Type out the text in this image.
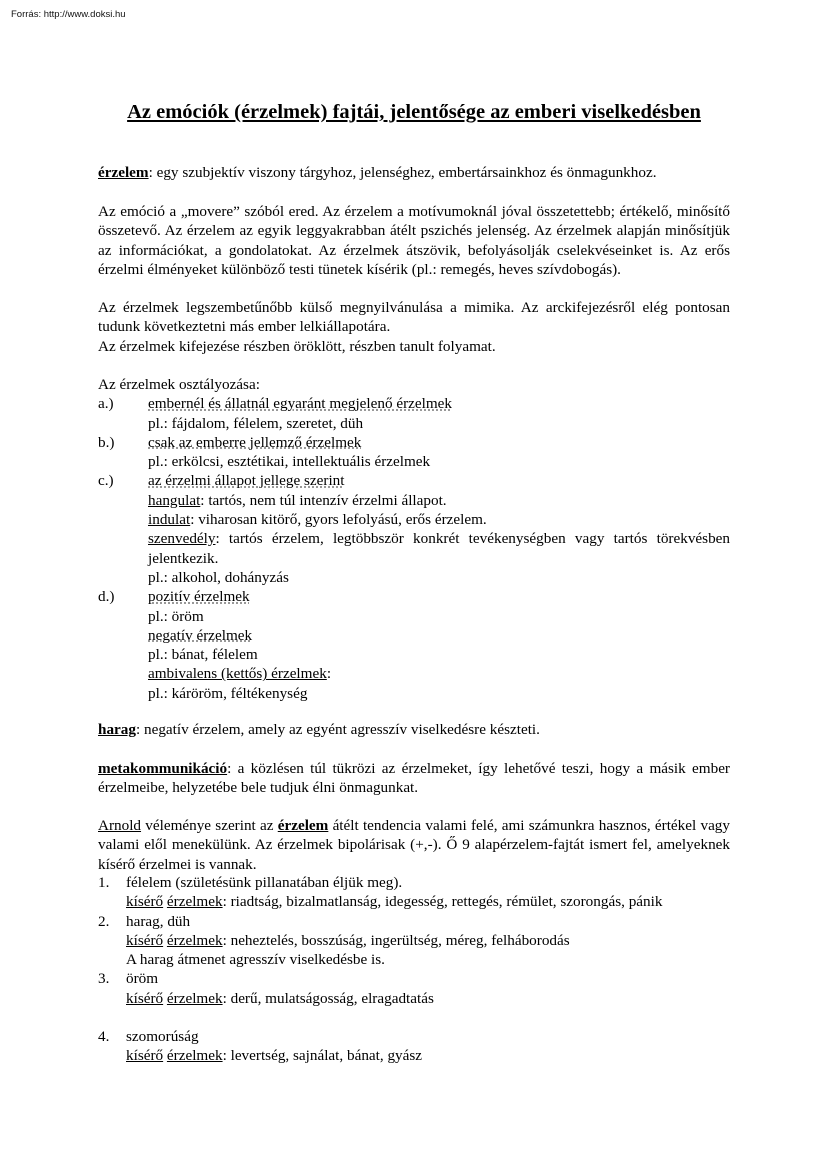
Forrás: http://www.doksi.hu
Az emóciók (érzelmek) fajtái, jelentősége az emberi viselkedésben
érzelem: egy szubjektív viszony tárgyhoz, jelenséghez, embertársainkhoz és önmagunkhoz.
Az emóció a „movere” szóból ered. Az érzelem a motívumoknál jóval összetettebb; értékelő, minősítő összetevő. Az érzelem az egyik leggyakrabban átélt pszichés jelenség. Az érzelmek alapján minősítjük az információkat, a gondolatokat. Az érzelmek átszövik, befolyásolják cselekvéseinket is. Az erős érzelmi élményeket különböző testi tünetek kísérik (pl.: remegés, heves szívdobogás).
Az érzelmek legszembetűnőbb külső megnyilvánulása a mimika. Az arckifejezésről elég pontosan tudunk következtetni más ember lelkiállapotára.
Az érzelmek kifejezése részben öröklött, részben tanult folyamat.

Az érzelmek osztályozása:

a.)	embernél és állatnál egyaránt megjelenő érzelmek

pl.: fájdalom, félelem, szeretet, düh

b.)	csak az emberre jellemző érzelmek

pl.: erkölcsi, esztétikai, intellektuális érzelmek

c.)	az érzelmi állapot jellege szerint

hangulat: tartós, nem túl intenzív érzelmi állapot.

indulat: viharosan kitörő, gyors lefolyású, erős érzelem.

szenvedély: tartós érzelem, legtöbbször konkrét tevékenységben vagy tartós törekvésben jelentkezik.

pl.: alkohol, dohányzás

d.)	pozitív érzelmek

pl.: öröm

negatív érzelmek

pl.: bánat, félelem

ambivalens (kettős) érzelmek:

pl.: káröröm, féltékenység

harag: negatív érzelem, amely az egyént agresszív viselkedésre készteti.
metakommunikáció: a közlésen túl tükrözi az érzelmeket, így lehetővé teszi, hogy a másik ember érzelmeibe, helyzetébe bele tudjuk élni önmagunkat.
Arnold véleménye szerint az érzelem átélt tendencia valami felé, ami számunkra hasznos, értékel vagy valami elől menekülünk. Az érzelmek bipolárisak (+,-). Ő 9 alapérzelem-fajtát ismert fel, amelyeknek kísérő érzelmei is vannak.
1.	félelem (születésünk pillanatában éljük meg).

kísérő érzelmek: riadtság, bizalmatlanság, idegesség, rettegés, rémület, szorongás, pánik

2.	harag, düh

kísérő érzelmek: neheztelés, bosszúság, ingerültség, méreg, felháborodás

A harag átmenet agresszív viselkedésbe is.

3.	öröm

kísérő érzelmek: derű, mulatságosság, elragadtatás

4.	szomorúság

kísérő érzelmek: levertség, sajnálat, bánat, gyász
